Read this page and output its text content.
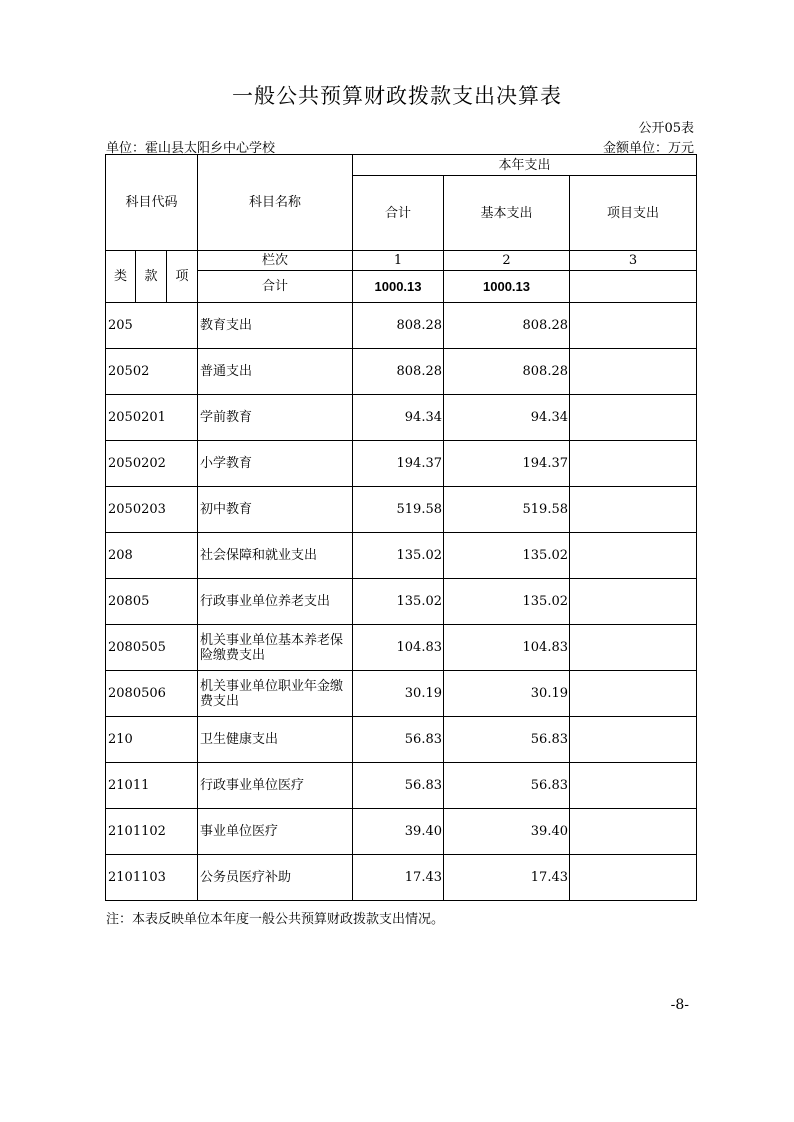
一般公共预算财政拨款支出决算表
公开05表
单位：霍山县太阳乡中心学校	金额单位：万元
科目代码			科目名称	本年支出		
				合计	基本支出	项目支出
类	款	项	栏次	1	2	3
			合计	1000.13	1000.13	
205			教育支出	808.28	808.28	
20502			普通支出	808.28	808.28	
2050201			学前教育	94.34	94.34	
2050202			小学教育	194.37	194.37	
2050203			初中教育	519.58	519.58	
208			社会保障和就业支出	135.02	135.02	
20805			行政事业单位养老支出	135.02	135.02	
2080505			机关事业单位基本养老保险缴费支出	104.83	104.83	
2080506			机关事业单位职业年金缴费支出	30.19	30.19	
210			卫生健康支出	56.83	56.83	
21011			行政事业单位医疗	56.83	56.83	
2101102			事业单位医疗	39.40	39.40	
2101103			公务员医疗补助	17.43	17.43	
注：本表反映单位本年度一般公共预算财政拨款支出情况。
-8-
